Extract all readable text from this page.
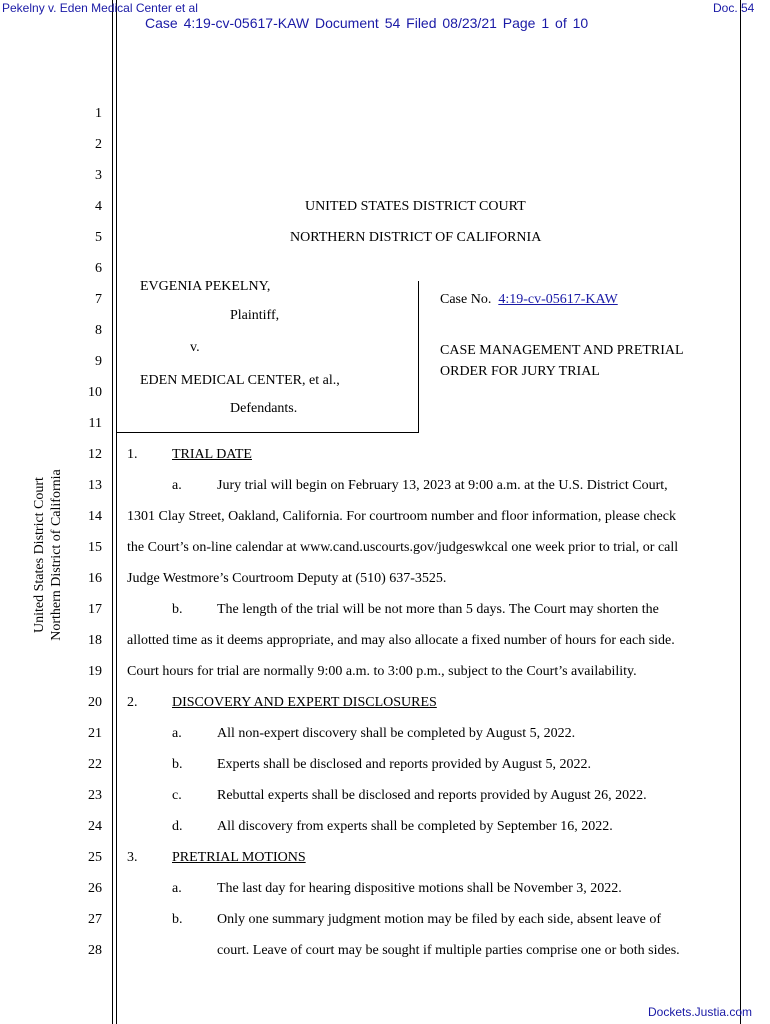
Pekelny v. Eden Medical Center et al	Doc. 54
Case 4:19-cv-05617-KAW Document 54 Filed 08/23/21 Page 1 of 10
United States District Court Northern District of California
1
2
3
4
5
6
7
8
9
10
11
12
13
14
15
16
17
18
19
20
21
22
23
24
25
26
27
28
UNITED STATES DISTRICT COURT
NORTHERN DISTRICT OF CALIFORNIA
EVGENIA PEKELNY,
Plaintiff,
v.
EDEN MEDICAL CENTER, et al.,
Defendants.
Case No. 4:19-cv-05617-KAW
CASE MANAGEMENT AND PRETRIAL
ORDER FOR JURY TRIAL
1. TRIAL DATE
a.	Jury trial will begin on February 13, 2023 at 9:00 a.m. at the U.S. District Court,
1301 Clay Street, Oakland, California. For courtroom number and floor information, please check
the Court’s on-line calendar at www.cand.uscourts.gov/judgeswkcal one week prior to trial, or call
Judge Westmore’s Courtroom Deputy at (510) 637-3525.
b. The length of the trial will be not more than 5 days. The Court may shorten the
allotted time as it deems appropriate, and may also allocate a fixed number of hours for each side.
Court hours for trial are normally 9:00 a.m. to 3:00 p.m., subject to the Court’s availability.
2. DISCOVERY AND EXPERT DISCLOSURES
a.	All non-expert discovery shall be completed by August 5, 2022.
b. Experts shall be disclosed and reports provided by August 5, 2022.
c.	Rebuttal experts shall be disclosed and reports provided by August 26, 2022.
d. All discovery from experts shall be completed by September 16, 2022.
3. PRETRIAL MOTIONS
a.	The last day for hearing dispositive motions shall be November 3, 2022.
b. Only one summary judgment motion may be filed by each side, absent leave of
court. Leave of court may be sought if multiple parties comprise one or both sides.
Dockets.Justia.com
